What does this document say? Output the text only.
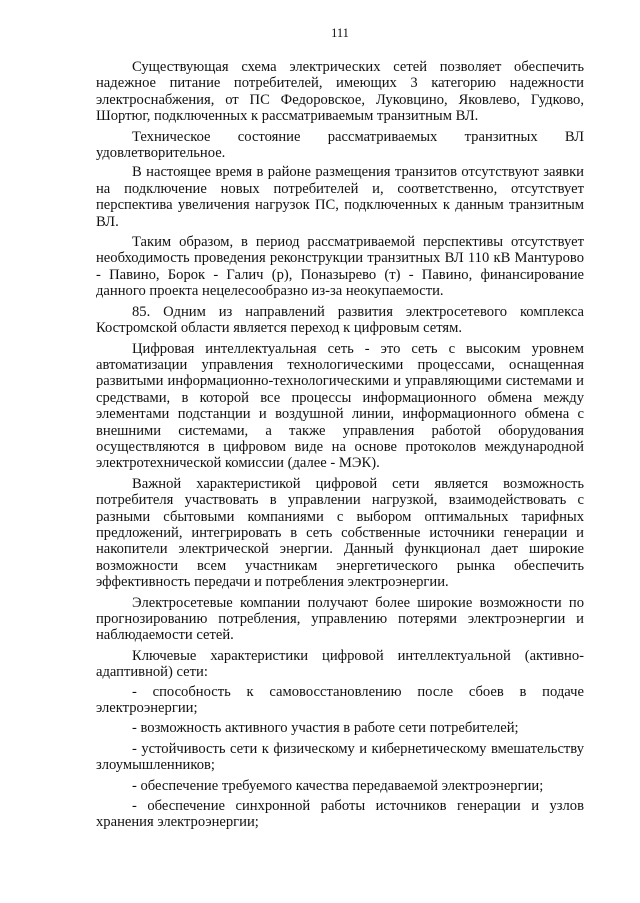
111

Существующая схема электрических сетей позволяет обеспечить надежное питание потребителей, имеющих 3 категорию надежности электроснабжения, от ПС Федоровское, Луковцино, Яковлево, Гудково, Шортюг, подключенных к рассматриваемым транзитным ВЛ.

Техническое состояние рассматриваемых транзитных ВЛ удовлетворительное.

В настоящее время в районе размещения транзитов отсутствуют заявки на подключение новых потребителей и, соответственно, отсутствует перспектива увеличения нагрузок ПС, подключенных к данным транзитным ВЛ.

Таким образом, в период рассматриваемой перспективы отсутствует необходимость проведения реконструкции транзитных ВЛ 110 кВ Мантурово - Павино, Борок - Галич (р), Поназырево (т) - Павино, финансирование данного проекта нецелесообразно из-за неокупаемости.

85. Одним из направлений развития электросетевого комплекса Костромской области является переход к цифровым сетям.

Цифровая интеллектуальная сеть - это сеть с высоким уровнем автоматизации управления технологическими процессами, оснащенная развитыми информационно-технологическими и управляющими системами и средствами, в которой все процессы информационного обмена между элементами подстанции и воздушной линии, информационного обмена с внешними системами, а также управления работой оборудования осуществляются в цифровом виде на основе протоколов международной электротехнической комиссии (далее - МЭК).

Важной характеристикой цифровой сети является возможность потребителя участвовать в управлении нагрузкой, взаимодействовать с разными сбытовыми компаниями с выбором оптимальных тарифных предложений, интегрировать в сеть собственные источники генерации и накопители электрической энергии. Данный функционал дает широкие возможности всем участникам энергетического рынка обеспечить эффективность передачи и потребления электроэнергии.

Электросетевые компании получают более широкие возможности по прогнозированию потребления, управлению потерями электроэнергии и наблюдаемости сетей.

Ключевые характеристики цифровой интеллектуальной (активно-адаптивной) сети:

- способность к самовосстановлению после сбоев в подаче электроэнергии;
- возможность активного участия в работе сети потребителей;
- устойчивость сети к физическому и кибернетическому вмешательству злоумышленников;
- обеспечение требуемого качества передаваемой электроэнергии;
- обеспечение синхронной работы источников генерации и узлов хранения электроэнергии;
